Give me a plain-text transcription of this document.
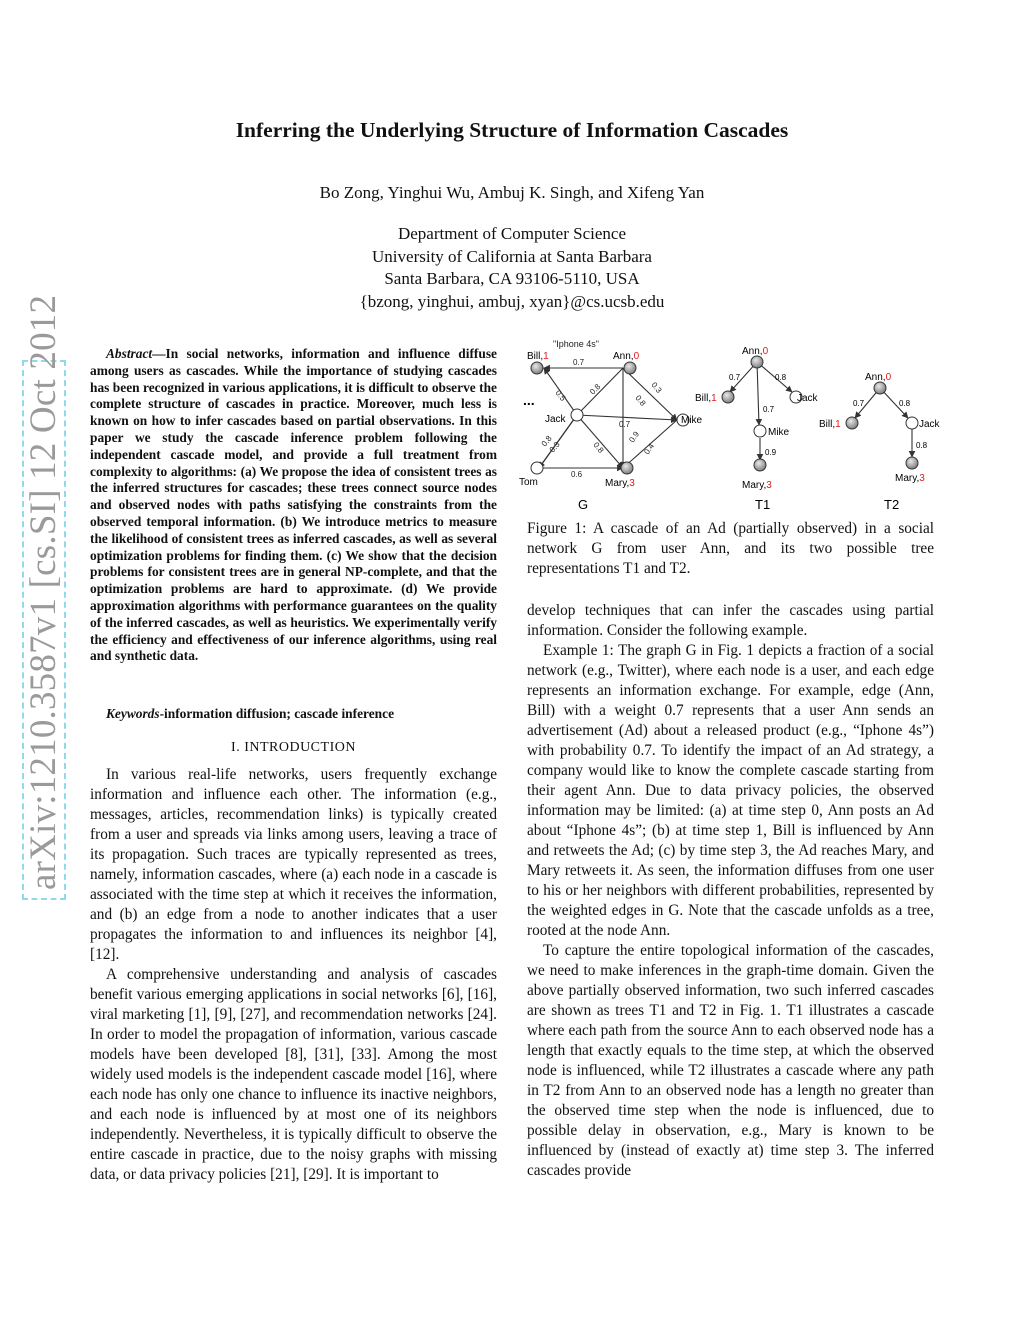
arXiv:1210.3587v1 [cs.SI] 12 Oct 2012
Inferring the Underlying Structure of Information Cascades
Bo Zong, Yinghui Wu, Ambuj K. Singh, and Xifeng Yan
Department of Computer Science
University of California at Santa Barbara
Santa Barbara, CA 93106-5110, USA
{bzong, yinghui, ambuj, xyan}@cs.ucsb.edu
Abstract—In social networks, information and influence diffuse among users as cascades. While the importance of studying cascades has been recognized in various applications, it is difficult to observe the complete structure of cascades in practice. Moreover, much less is known on how to infer cascades based on partial observations. In this paper we study the cascade inference problem following the independent cascade model, and provide a full treatment from complexity to algorithms: (a) We propose the idea of consistent trees as the inferred structures for cascades; these trees connect source nodes and observed nodes with paths satisfying the constraints from the observed temporal information. (b) We introduce metrics to measure the likelihood of consistent trees as inferred cascades, as well as several optimization problems for finding them. (c) We show that the decision problems for consistent trees are in general NP-complete, and that the optimization problems are hard to approximate. (d) We provide approximation algorithms with performance guarantees on the quality of the inferred cascades, as well as heuristics. We experimentally verify the efficiency and effectiveness of our inference algorithms, using real and synthetic data.
Keywords-information diffusion; cascade inference
I. INTRODUCTION

In various real-life networks, users frequently exchange information and influence each other. The information (e.g., messages, articles, recommendation links) is typically created from a user and spreads via links among users, leaving a trace of its propagation. Such traces are typically represented as trees, namely, information cascades, where (a) each node in a cascade is associated with the time step at which it receives the information, and (b) an edge from a node to another indicates that a user propagates the information to and influences its neighbor [4], [12].

A comprehensive understanding and analysis of cascades benefit various emerging applications in social networks [6], [16], viral marketing [1], [9], [27], and recommendation networks [24]. In order to model the propagation of information, various cascade models have been developed [8], [31], [33]. Among the most widely used models is the independent cascade model [16], where each node has only one chance to influence its inactive neighbors, and each node is influenced by at most one of its neighbors independently. Nevertheless, it is typically difficult to observe the entire cascade in practice, due to the noisy graphs with missing data, or data privacy policies [21], [29]. It is important to

"Iphone 4s"
Bill,1	Ann,0
Jack	Mike
Tom	Mary,3
...
0.7
0.5	0.8	0.3
0.8
0.7
0.8
0.3	0.8
0.9
0.4
0.6
G
Ann,0
Bill,1	Jack
Mike
Mary,3
0.7	0.8
0.7
0.9
T1
Ann,0
Bill,1	Jack
Mary,3
0.7	0.8
0.8
T2
Figure 1: A cascade of an Ad (partially observed) in a social network G from user Ann, and its two possible tree representations T1 and T2.

develop techniques that can infer the cascades using partial information. Consider the following example.

Example 1: The graph G in Fig. 1 depicts a fraction of a social network (e.g., Twitter), where each node is a user, and each edge represents an information exchange. For example, edge (Ann, Bill) with a weight 0.7 represents that a user Ann sends an advertisement (Ad) about a released product (e.g., “Iphone 4s”) with probability 0.7. To identify the impact of an Ad strategy, a company would like to know the complete cascade starting from their agent Ann. Due to data privacy policies, the observed information may be limited: (a) at time step 0, Ann posts an Ad about “Iphone 4s”; (b) at time step 1, Bill is influenced by Ann and retweets the Ad; (c) by time step 3, the Ad reaches Mary, and Mary retweets it. As seen, the information diffuses from one user to his or her neighbors with different probabilities, represented by the weighted edges in G. Note that the cascade unfolds as a tree, rooted at the node Ann.

To capture the entire topological information of the cascades, we need to make inferences in the graph-time domain. Given the above partially observed information, two such inferred cascades are shown as trees T1 and T2 in Fig. 1. T1 illustrates a cascade where each path from the source Ann to each observed node has a length that exactly equals to the time step, at which the observed node is influenced, while T2 illustrates a cascade where any path in T2 from Ann to an observed node has a length no greater than the observed time step when the node is influenced, due to possible delay in observation, e.g., Mary is known to be influenced by (instead of exactly at) time step 3. The inferred cascades provide
